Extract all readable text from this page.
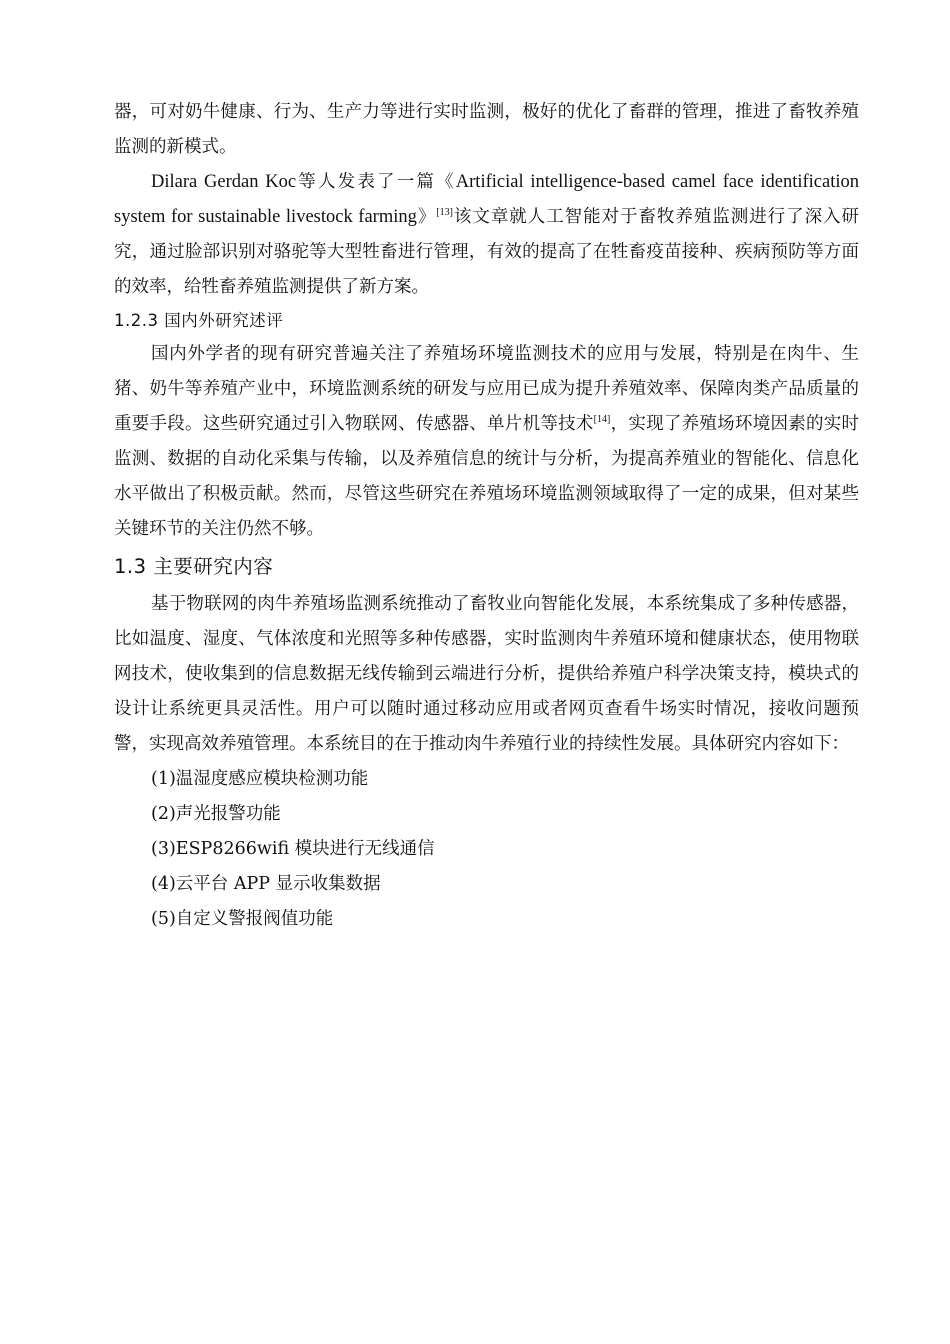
器，可对奶牛健康、行为、生产力等进行实时监测，极好的优化了畜群的管理，推进了畜牧养殖监测的新模式。

Dilara Gerdan Koc等人发表了一篇《Artificial intelligence-based camel face identification system for sustainable livestock farming》[13]该文章就人工智能对于畜牧养殖监测进行了深入研究，通过脸部识别对骆驼等大型牲畜进行管理，有效的提高了在牲畜疫苗接种、疾病预防等方面的效率，给牲畜养殖监测提供了新方案。

1.2.3 国内外研究述评

国内外学者的现有研究普遍关注了养殖场环境监测技术的应用与发展，特别是在肉牛、生猪、奶牛等养殖产业中，环境监测系统的研发与应用已成为提升养殖效率、保障肉类产品质量的重要手段。这些研究通过引入物联网、传感器、单片机等技术[14]，实现了养殖场环境因素的实时监测、数据的自动化采集与传输，以及养殖信息的统计与分析，为提高养殖业的智能化、信息化水平做出了积极贡献。然而，尽管这些研究在养殖场环境监测领域取得了一定的成果，但对某些关键环节的关注仍然不够。

1.3 主要研究内容

基于物联网的肉牛养殖场监测系统推动了畜牧业向智能化发展，本系统集成了多种传感器，比如温度、湿度、气体浓度和光照等多种传感器，实时监测肉牛养殖环境和健康状态，使用物联网技术，使收集到的信息数据无线传输到云端进行分析，提供给养殖户科学决策支持，模块式的设计让系统更具灵活性。用户可以随时通过移动应用或者网页查看牛场实时情况，接收问题预警，实现高效养殖管理。本系统目的在于推动肉牛养殖行业的持续性发展。具体研究内容如下：

(1)温湿度感应模块检测功能
(2)声光报警功能
(3)ESP8266wifi 模块进行无线通信
(4)云平台 APP 显示收集数据
(5)自定义警报阀值功能
